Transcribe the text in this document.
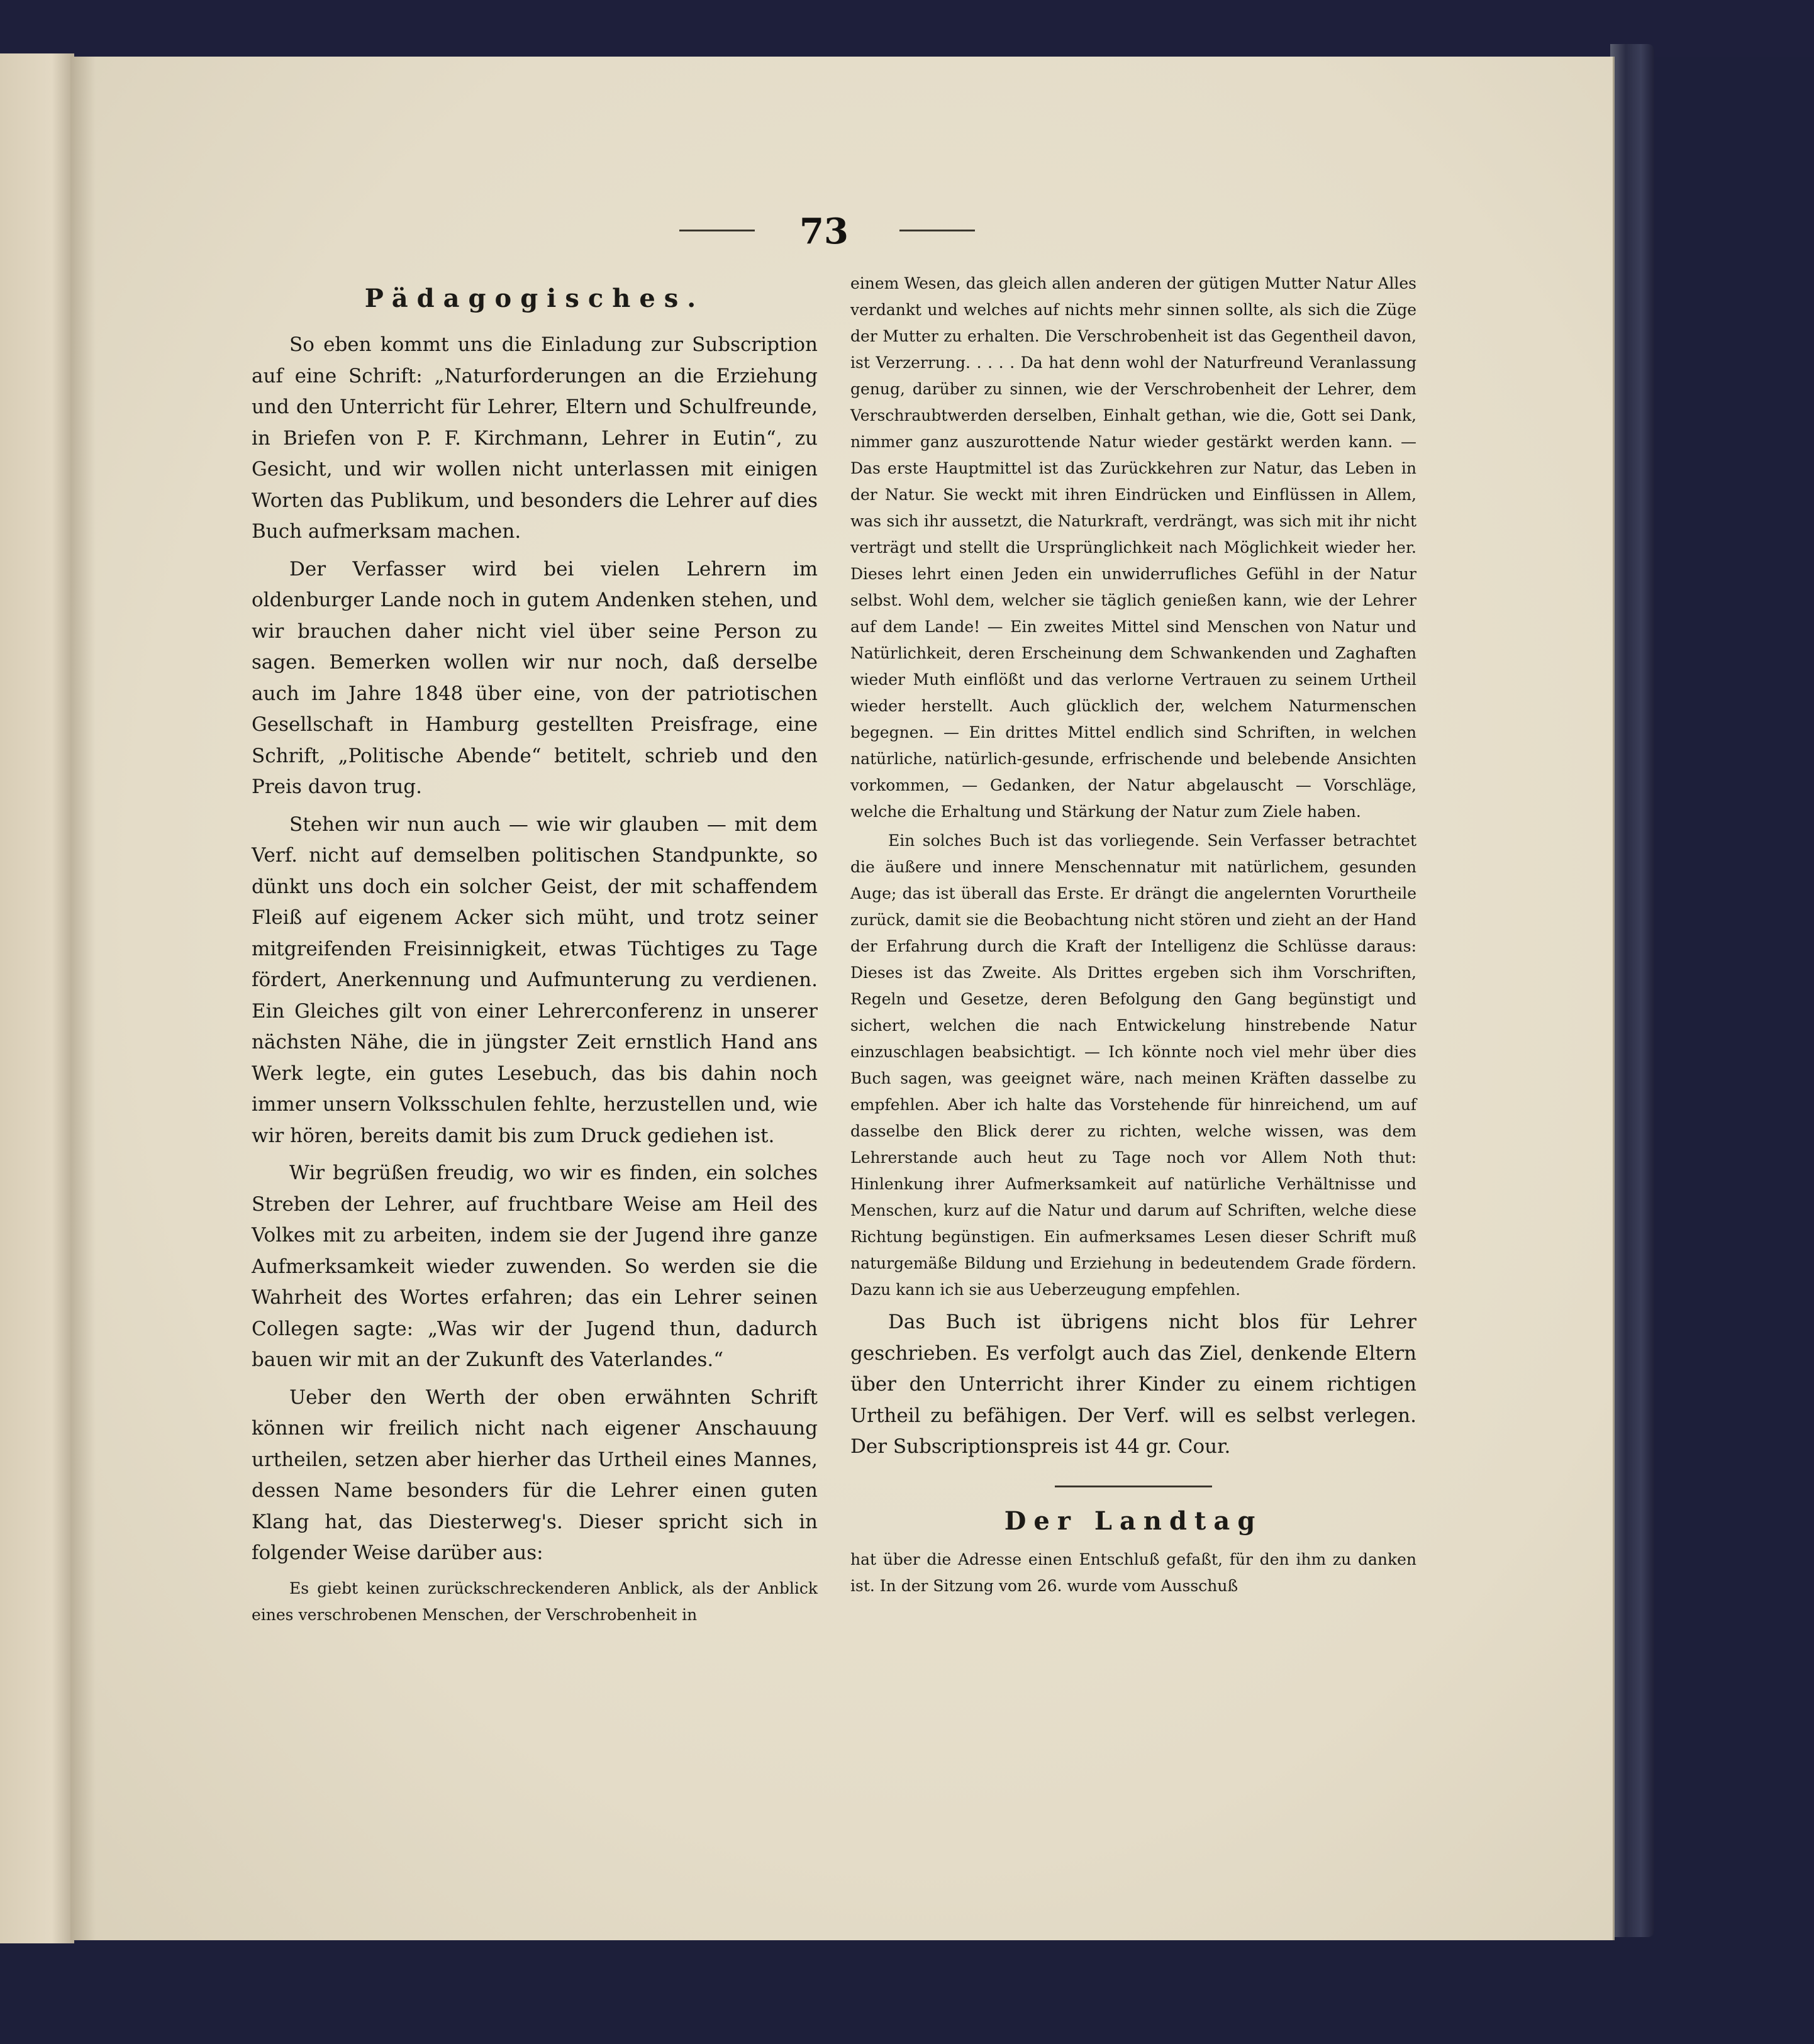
73
Pädagogisches.

So eben kommt uns die Einladung zur Subscription auf eine Schrift: „Naturforderungen an die Erziehung und den Unterricht für Lehrer, Eltern und Schulfreunde, in Briefen von P. F. Kirchmann, Lehrer in Eutin“, zu Gesicht, und wir wollen nicht unterlassen mit einigen Worten das Publikum, und besonders die Lehrer auf dies Buch aufmerksam machen.

Der Verfasser wird bei vielen Lehrern im oldenburger Lande noch in gutem Andenken stehen, und wir brauchen daher nicht viel über seine Person zu sagen. Bemerken wollen wir nur noch, daß derselbe auch im Jahre 1848 über eine, von der patriotischen Gesellschaft in Hamburg gestellten Preisfrage, eine Schrift, „Politische Abende“ betitelt, schrieb und den Preis davon trug.

Stehen wir nun auch — wie wir glauben — mit dem Verf. nicht auf demselben politischen Standpunkte, so dünkt uns doch ein solcher Geist, der mit schaffendem Fleiß auf eigenem Acker sich müht, und trotz seiner mitgreifenden Freisinnigkeit, etwas Tüchtiges zu Tage fördert, Anerkennung und Aufmunterung zu verdienen. Ein Gleiches gilt von einer Lehrerconferenz in unserer nächsten Nähe, die in jüngster Zeit ernstlich Hand ans Werk legte, ein gutes Lesebuch, das bis dahin noch immer unsern Volksschulen fehlte, herzustellen und, wie wir hören, bereits damit bis zum Druck gediehen ist.

Wir begrüßen freudig, wo wir es finden, ein solches Streben der Lehrer, auf fruchtbare Weise am Heil des Volkes mit zu arbeiten, indem sie der Jugend ihre ganze Aufmerksamkeit wieder zuwenden. So werden sie die Wahrheit des Wortes erfahren; das ein Lehrer seinen Collegen sagte: „Was wir der Jugend thun, dadurch bauen wir mit an der Zukunft des Vaterlandes.“

Ueber den Werth der oben erwähnten Schrift können wir freilich nicht nach eigener Anschauung urtheilen, setzen aber hierher das Urtheil eines Mannes, dessen Name besonders für die Lehrer einen guten Klang hat, das Diesterweg's. Dieser spricht sich in folgender Weise darüber aus:

Es giebt keinen zurückschreckenderen Anblick, als der Anblick eines verschrobenen Menschen, der Verschrobenheit in

einem Wesen, das gleich allen anderen der gütigen Mutter Natur Alles verdankt und welches auf nichts mehr sinnen sollte, als sich die Züge der Mutter zu erhalten. Die Verschrobenheit ist das Gegentheil davon, ist Verzerrung. . . . . Da hat denn wohl der Naturfreund Veranlassung genug, darüber zu sinnen, wie der Verschrobenheit der Lehrer, dem Verschraubtwerden derselben, Einhalt gethan, wie die, Gott sei Dank, nimmer ganz auszurottende Natur wieder gestärkt werden kann. — Das erste Hauptmittel ist das Zurückkehren zur Natur, das Leben in der Natur. Sie weckt mit ihren Eindrücken und Einflüssen in Allem, was sich ihr aussetzt, die Naturkraft, verdrängt, was sich mit ihr nicht verträgt und stellt die Ursprünglichkeit nach Möglichkeit wieder her. Dieses lehrt einen Jeden ein unwiderrufliches Gefühl in der Natur selbst. Wohl dem, welcher sie täglich genießen kann, wie der Lehrer auf dem Lande! — Ein zweites Mittel sind Menschen von Natur und Natürlichkeit, deren Erscheinung dem Schwankenden und Zaghaften wieder Muth einflößt und das verlorne Vertrauen zu seinem Urtheil wieder herstellt. Auch glücklich der, welchem Naturmenschen begegnen. — Ein drittes Mittel endlich sind Schriften, in welchen natürliche, natürlich-gesunde, erfrischende und belebende Ansichten vorkommen, — Gedanken, der Natur abgelauscht — Vorschläge, welche die Erhaltung und Stärkung der Natur zum Ziele haben.

Ein solches Buch ist das vorliegende. Sein Verfasser betrachtet die äußere und innere Menschennatur mit natürlichem, gesunden Auge; das ist überall das Erste. Er drängt die angelernten Vorurtheile zurück, damit sie die Beobachtung nicht stören und zieht an der Hand der Erfahrung durch die Kraft der Intelligenz die Schlüsse daraus: Dieses ist das Zweite. Als Drittes ergeben sich ihm Vorschriften, Regeln und Gesetze, deren Befolgung den Gang begünstigt und sichert, welchen die nach Entwickelung hinstrebende Natur einzuschlagen beabsichtigt. — Ich könnte noch viel mehr über dies Buch sagen, was geeignet wäre, nach meinen Kräften dasselbe zu empfehlen. Aber ich halte das Vorstehende für hinreichend, um auf dasselbe den Blick derer zu richten, welche wissen, was dem Lehrerstande auch heut zu Tage noch vor Allem Noth thut: Hinlenkung ihrer Aufmerksamkeit auf natürliche Verhältnisse und Menschen, kurz auf die Natur und darum auf Schriften, welche diese Richtung begünstigen. Ein aufmerksames Lesen dieser Schrift muß naturgemäße Bildung und Erziehung in bedeutendem Grade fördern. Dazu kann ich sie aus Ueberzeugung empfehlen.

Das Buch ist übrigens nicht blos für Lehrer geschrieben. Es verfolgt auch das Ziel, denkende Eltern über den Unterricht ihrer Kinder zu einem richtigen Urtheil zu befähigen. Der Verf. will es selbst verlegen. Der Subscriptionspreis ist 44 gr. Cour.

Der Landtag

hat über die Adresse einen Entschluß gefaßt, für den ihm zu danken ist. In der Sitzung vom 26. wurde vom Ausschuß
